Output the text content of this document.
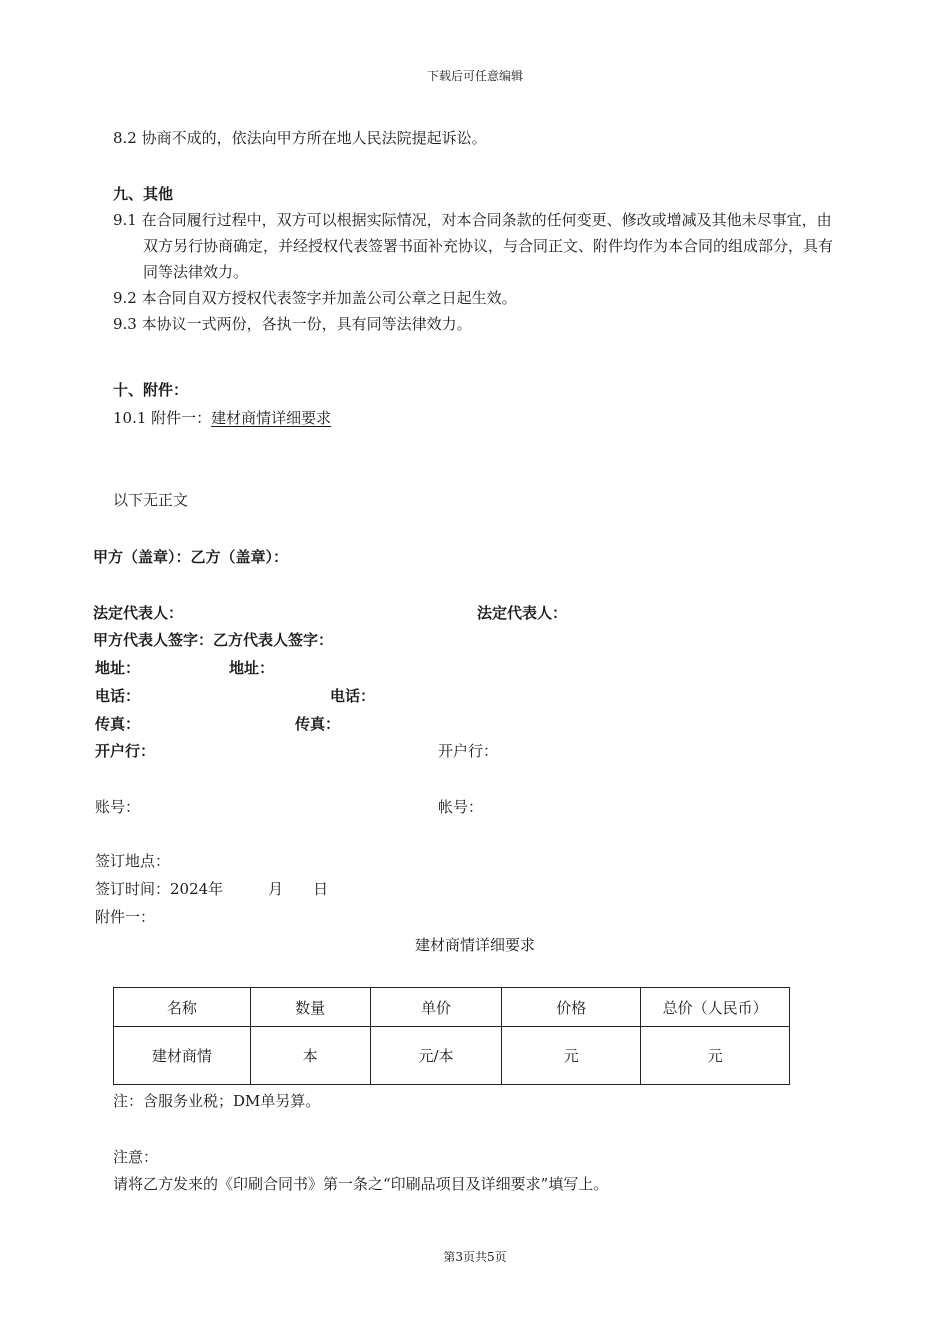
下载后可任意编辑
8.2 协商不成的，依法向甲方所在地人民法院提起诉讼。
九、其他
9.1 在合同履行过程中，双方可以根据实际情况，对本合同条款的任何变更、修改或增减及其他未尽事宜，由双方另行协商确定，并经授权代表签署书面补充协议，与合同正文、附件均作为本合同的组成部分，具有同等法律效力。
9.2 本合同自双方授权代表签字并加盖公司公章之日起生效。
9.3 本协议一式两份，各执一份，具有同等法律效力。
十、附件：
10.1 附件一：建材商情详细要求
以下无正文
甲方（盖章）：乙方（盖章）：
法定代表人：	法定代表人：
甲方代表人签字：乙方代表人签字：
地址：	地址：
电话：	电话：
传真：	传真：
开户行：	开户行：
账号：	帐号：
签订地点：
签订时间：2024年　　　月　　日
附件一：
建材商情详细要求
名称	数量	单价	价格	总价（人民币）
建材商情	本	元/本	元	元
注：含服务业税；DM单另算。
注意：
请将乙方发来的《印刷合同书》第一条之“印刷品项目及详细要求”填写上。
第3页共5页
